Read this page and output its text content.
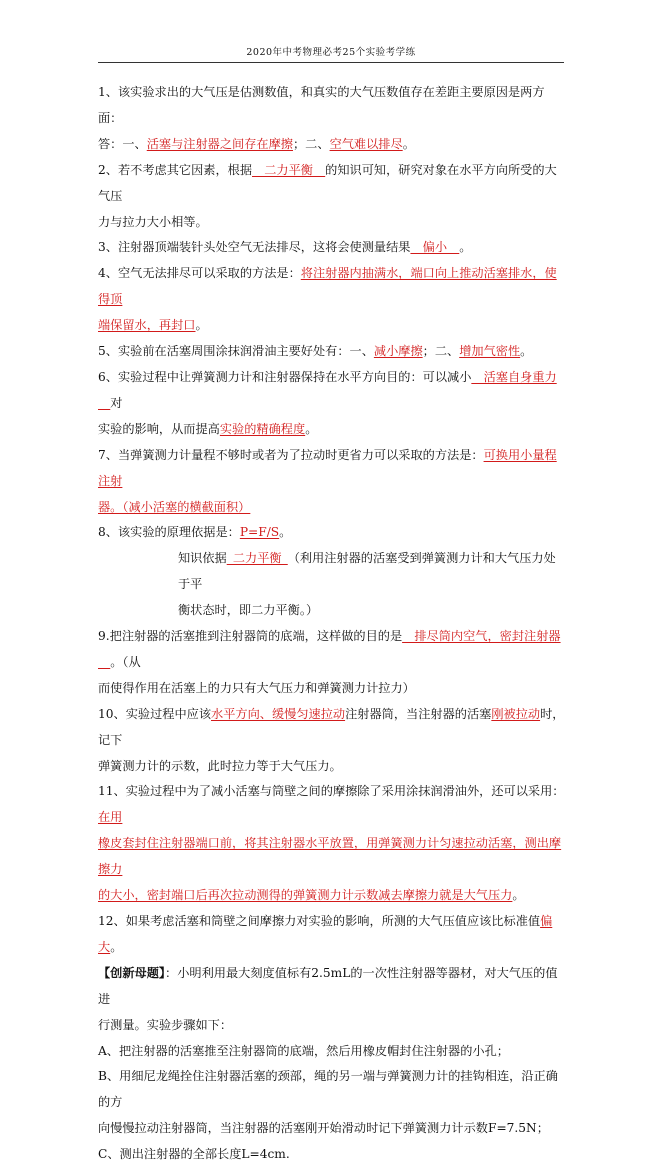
2020年中考物理必考25个实验考学练

1、该实验求出的大气压是估测数值，和真实的大气压数值存在差距主要原因是两方面：

答：一、活塞与注射器之间存在摩擦；二、空气难以排尽。

2、若不考虑其它因素，根据__二力平衡__的知识可知，研究对象在水平方向所受的大气压

力与拉力大小相等。

3、注射器顶端装针头处空气无法排尽，这将会使测量结果__偏小__。

4、空气无法排尽可以采取的方法是：将注射器内抽满水，端口向上推动活塞排水，使得顶

端保留水，再封口。

5、实验前在活塞周围涂抹润滑油主要好处有：一、减小摩擦；二、增加气密性。

6、实验过程中让弹簧测力计和注射器保持在水平方向目的：可以减小__活塞自身重力__对

实验的影响，从而提高实验的精确程度。

7、当弹簧测力计量程不够时或者为了拉动时更省力可以采取的方法是：可换用小量程注射

器。（减小活塞的横截面积）

8、该实验的原理依据是：P=F/S。

知识依据_二力平衡_（利用注射器的活塞受到弹簧测力计和大气压力处于平

衡状态时，即二力平衡。）

9.把注射器的活塞推到注射器筒的底端，这样做的目的是__排尽筒内空气，密封注射器__。（从

而使得作用在活塞上的力只有大气压力和弹簧测力计拉力）

10、实验过程中应该水平方向、缓慢匀速拉动注射器筒，当注射器的活塞刚被拉动时，记下

弹簧测力计的示数，此时拉力等于大气压力。

11、实验过程中为了减小活塞与筒壁之间的摩擦除了采用涂抹润滑油外，还可以采用：在用

橡皮套封住注射器端口前，将其注射器水平放置，用弹簧测力计匀速拉动活塞，测出摩擦力

的大小，密封端口后再次拉动测得的弹簧测力计示数减去摩擦力就是大气压力。

12、如果考虑活塞和筒壁之间摩擦力对实验的影响，所测的大气压值应该比标准值偏大。

【创新母题】：小明利用最大刻度值标有2.5mL的一次性注射器等器材，对大气压的值进

行测量。实验步骤如下：

A、把注射器的活塞推至注射器筒的底端，然后用橡皮帽封住注射器的小孔；

B、用细尼龙绳拴住注射器活塞的颈部，绳的另一端与弹簧测力计的挂钩相连，沿正确的方

向慢慢拉动注射器筒，当注射器的活塞刚开始滑动时记下弹簧测力计示数F=7.5N；

C、测出注射器的全部长度L=4cm.
